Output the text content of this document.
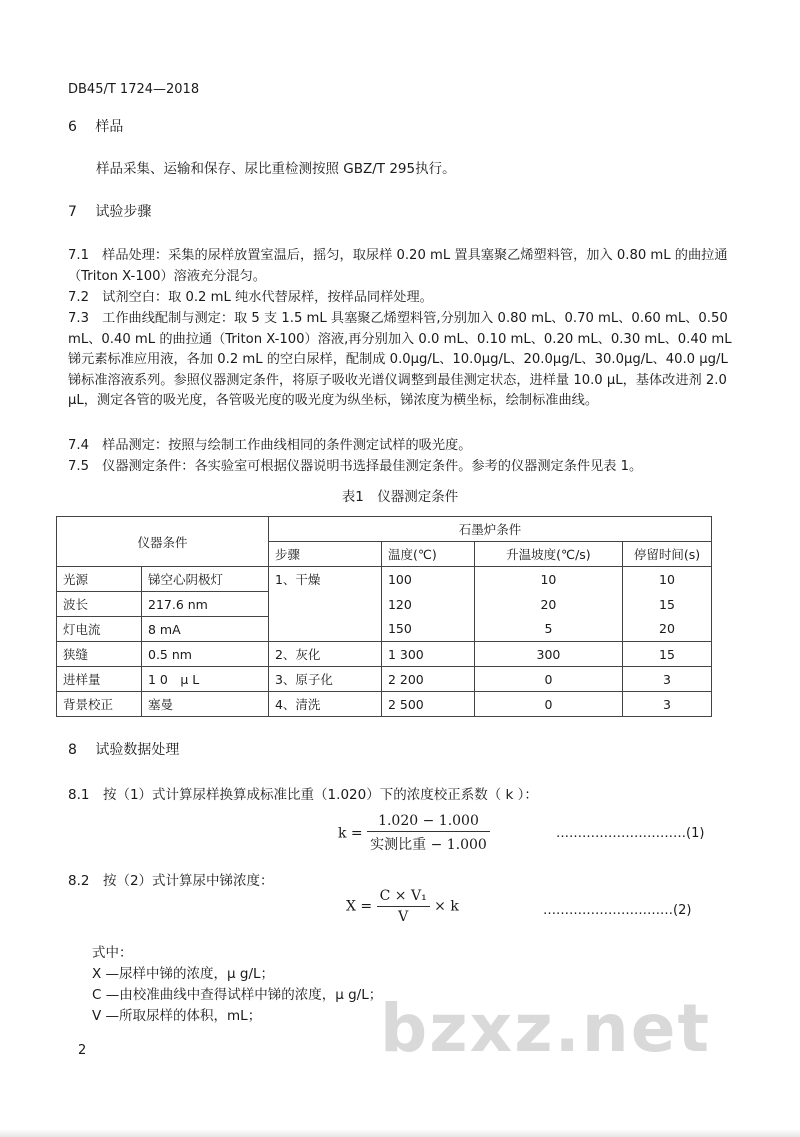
DB45/T 1724—2018
6　 样品
样品采集、运输和保存、尿比重检测按照 GBZ/T 295执行。
7　 试验步骤
7.1　样品处理：采集的尿样放置室温后，摇匀，取尿样 0.20 mL 置具塞聚乙烯塑料管，加入 0.80 mL 的曲拉通（Triton X-100）溶液充分混匀。
7.2　试剂空白：取 0.2 mL 纯水代替尿样，按样品同样处理。
7.3　工作曲线配制与测定：取 5 支 1.5 mL 具塞聚乙烯塑料管,分别加入 0.80 mL、0.70 mL、0.60 mL、0.50 mL、0.40 mL 的曲拉通（Triton X-100）溶液,再分别加入 0.0 mL、0.10 mL、0.20 mL、0.30 mL、0.40 mL 锑元素标准应用液，各加 0.2 mL 的空白尿样，配制成 0.0μg/L、10.0μg/L、20.0μg/L、30.0μg/L、40.0 μg/L 锑标准溶液系列。参照仪器测定条件，将原子吸收光谱仪调整到最佳测定状态，进样量 10.0 μL，基体改进剂 2.0 μL，测定各管的吸光度，各管吸光度的吸光度为纵坐标，锑浓度为横坐标，绘制标准曲线。
7.4　样品测定：按照与绘制工作曲线相同的条件测定试样的吸光度。
7.5　仪器测定条件：各实验室可根据仪器说明书选择最佳测定条件。参考的仪器测定条件见表 1。
表1　仪器测定条件
仪器条件		石墨炉条件			
		步骤	温度(℃)	升温坡度(℃/s)	停留时间(s)
光源	锑空心阴极灯	1、干燥	100	10	10
波长	217.6 nm		120	20	15
灯电流	8 mA		150	5	20
狭缝	0.5 nm	2、灰化	1 300	300	15
进样量	1 0　μ L	3、原子化	2 200	0	3
背景校正	塞曼	4、清洗	2 500	0	3
8　 试验数据处理
8.1　按（1）式计算尿样换算成标准比重（1.020）下的浓度校正系数（ k ）：
$k = \frac{1.020 - 1.000}{\text{实测比重 − 1.000}}$	…………………………(1)
8.2　按（2）式计算尿中锑浓度：
$X = \frac{\text{C × V₁}}{V} \times k$	…………………………(2)
式中：
X —尿样中锑的浓度，μ g/L；
C —由校准曲线中查得试样中锑的浓度，μ g/L；
V —所取尿样的体积，mL； bzxz.net
2
